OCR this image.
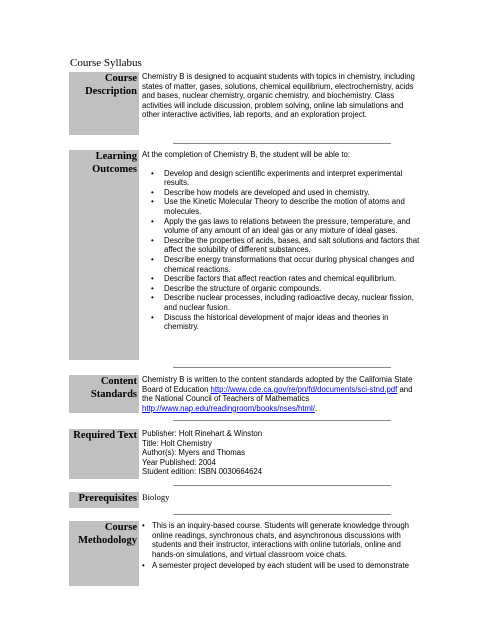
Course Syllabus
Course
Description
Chemistry B is designed to acquaint students with topics in chemistry, including states of matter, gases, solutions, chemical equilibrium, electrochemistry, acids and bases, nuclear chemistry, organic chemistry, and biochemistry. Class activities will include discussion, problem solving, online lab simulations and other interactive activities, lab reports, and an exploration project.
Learning
Outcomes

At the completion of Chemistry B, the student will be able to:

• Develop and design scientific experiments and interpret experimental results.
• Describe how models are developed and used in chemistry.
• Use the Kinetic Molecular Theory to describe the motion of atoms and molecules.
• Apply the gas laws to relations between the pressure, temperature, and volume of any amount of an ideal gas or any mixture of ideal gases.
• Describe the properties of acids, bases, and salt solutions and factors that affect the solubility of different substances.
• Describe energy transformations that occur during physical changes and chemical reactions.
• Describe factors that affect reaction rates and chemical equilibrium.
• Describe the structure of organic compounds.
• Describe nuclear processes, including radioactive decay, nuclear fission, and nuclear fusion.
• Discuss the historical development of major ideas and theories in chemistry.
Content
Standards
Chemistry B is written to the content standards adopted by the California State Board of Education http://www.cde.ca.gov/re/pn/fd/documents/sci-stnd.pdf and the National Council of Teachers of Mathematics http://www.nap.edu/readingroom/books/nses/html/.
Required Text Publisher: Holt Rinehart & Winston
Title: Holt Chemistry
Author(s): Myers and Thomas
Year Published: 2004
Student edition: ISBN 0030664624
Prerequisites Biology
Course
Methodology
• This is an inquiry-based course. Students will generate knowledge through online readings, synchronous chats, and asynchronous discussions with students and their instructor, interactions with online tutorials, online and hands-on simulations, and virtual classroom voice chats.
• A semester project developed by each student will be used to demonstrate
